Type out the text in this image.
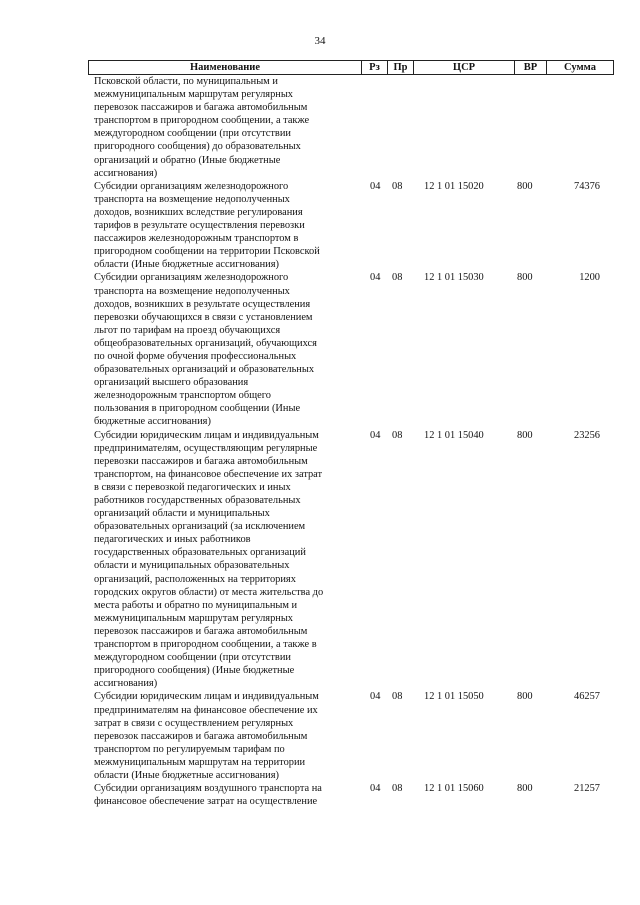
34
Наименование	Рз	Пр	ЦСР	ВР	Сумма
Псковской области, по муниципальным и
межмуниципальным маршрутам регулярных
перевозок пассажиров и багажа автомобильным
транспортом в пригородном сообщении, а также
междугородном сообщении (при отсутствии
пригородного сообщения) до образовательных
организаций и обратно (Иные бюджетные
ассигнования)
Субсидии организациям железнодорожного
транспорта на возмещение недополученных
доходов, возникших вследствие регулирования
тарифов в результате осуществления перевозки
пассажиров железнодорожным транспортом в
пригородном сообщении на территории Псковской
области (Иные бюджетные ассигнования)
04	08	12 1 01 15020	800	74376
Субсидии организациям железнодорожного
транспорта на возмещение недополученных
доходов, возникших в результате осуществления
перевозки обучающихся в связи с установлением
льгот по тарифам на проезд обучающихся
общеобразовательных организаций, обучающихся
по очной форме обучения профессиональных
образовательных организаций и образовательных
организаций высшего образования
железнодорожным транспортом общего
пользования в пригородном сообщении (Иные
бюджетные ассигнования)
04	08	12 1 01 15030	800	1200
Субсидии юридическим лицам и индивидуальным
предпринимателям, осуществляющим регулярные
перевозки пассажиров и багажа автомобильным
транспортом, на финансовое обеспечение их затрат
в связи с перевозкой педагогических и иных
работников государственных образовательных
организаций области и муниципальных
образовательных организаций (за исключением
педагогических и иных работников
государственных образовательных организаций
области и муниципальных образовательных
организаций, расположенных на территориях
городских округов области) от места жительства до
места работы и обратно по муниципальным и
межмуниципальным маршрутам регулярных
перевозок пассажиров и багажа автомобильным
транспортом в пригородном сообщении, а также в
междугородном сообщении (при отсутствии
пригородного сообщения) (Иные бюджетные
ассигнования)
04	08	12 1 01 15040	800	23256
Субсидии юридическим лицам и индивидуальным
предпринимателям на финансовое обеспечение их
затрат в связи с осуществлением регулярных
перевозок пассажиров и багажа автомобильным
транспортом по регулируемым тарифам по
межмуниципальным маршрутам на территории
области (Иные бюджетные ассигнования)
04	08	12 1 01 15050	800	46257
Субсидии организациям воздушного транспорта на
финансовое обеспечение затрат на осуществление
04	08	12 1 01 15060	800	21257
